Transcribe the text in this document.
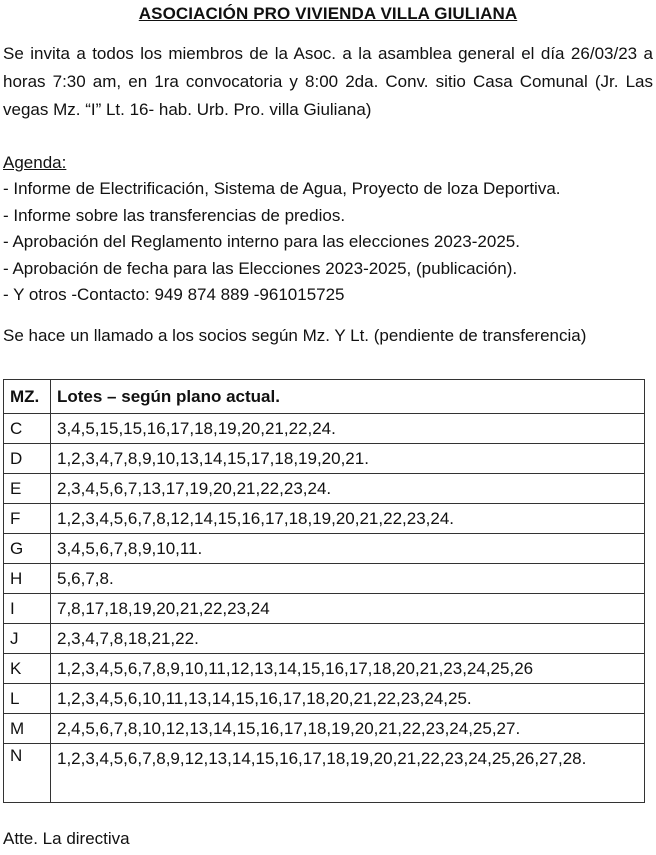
ASOCIACIÓN PRO VIVIENDA VILLA GIULIANA
Se invita a todos los miembros de la Asoc. a la asamblea general el día 26/03/23 a horas 7:30 am, en 1ra convocatoria y 8:00 2da. Conv. sitio Casa Comunal (Jr. Las vegas Mz. “I” Lt. 16- hab. Urb. Pro. villa Giuliana)
Agenda:
- Informe de Electrificación, Sistema de Agua, Proyecto de loza Deportiva.
- Informe sobre las transferencias de predios.
- Aprobación del Reglamento interno para las elecciones 2023-2025.
- Aprobación de fecha para las Elecciones 2023-2025, (publicación).
- Y otros -Contacto: 949 874 889 -961015725
Se hace un llamado a los socios según Mz. Y Lt. (pendiente de transferencia)
MZ.	Lotes – según plano actual.
C	3,4,5,15,15,16,17,18,19,20,21,22,24.
D	1,2,3,4,7,8,9,10,13,14,15,17,18,19,20,21.
E	2,3,4,5,6,7,13,17,19,20,21,22,23,24.
F	1,2,3,4,5,6,7,8,12,14,15,16,17,18,19,20,21,22,23,24.
G	3,4,5,6,7,8,9,10,11.
H	5,6,7,8.
I	7,8,17,18,19,20,21,22,23,24
J	2,3,4,7,8,18,21,22.
K	1,2,3,4,5,6,7,8,9,10,11,12,13,14,15,16,17,18,20,21,23,24,25,26
L	1,2,3,4,5,6,10,11,13,14,15,16,17,18,20,21,22,23,24,25.
M	2,4,5,6,7,8,10,12,13,14,15,16,17,18,19,20,21,22,23,24,25,27.
N	1,2,3,4,5,6,7,8,9,12,13,14,15,16,17,18,19,20,21,22,23,24,25,26,27,28.
Atte. La directiva
